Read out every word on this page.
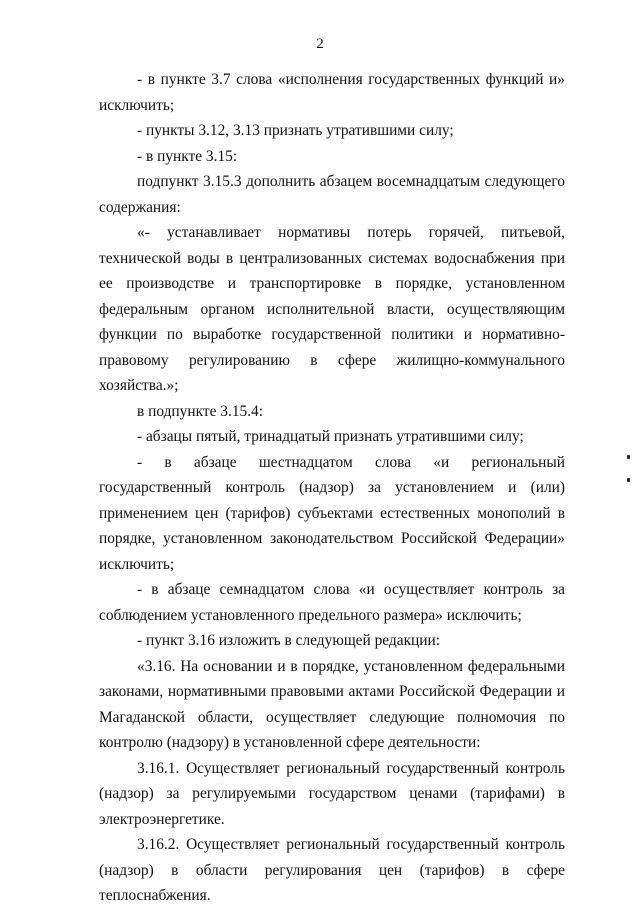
2

- в пункте 3.7 слова «исполнения государственных функций и» исключить;

- пункты 3.12, 3.13 признать утратившими силу;

- в пункте 3.15:

подпункт 3.15.3 дополнить абзацем восемнадцатым следующего содержания:

«- устанавливает нормативы потерь горячей, питьевой, технической воды в централизованных системах водоснабжения при ее производстве и транспортировке в порядке, установленном федеральным органом исполнительной власти, осуществляющим функции по выработке государственной политики и нормативно-правовому регулированию в сфере жилищно-коммунального хозяйства.»;

в подпункте 3.15.4:

- абзацы пятый, тринадцатый признать утратившими силу;

- в абзаце шестнадцатом слова «и региональный государственный контроль (надзор) за установлением и (или) применением цен (тарифов) субъектами естественных монополий в порядке, установленном законодательством Российской Федерации» исключить;

- в абзаце семнадцатом слова «и осуществляет контроль за соблюдением установленного предельного размера» исключить;

- пункт 3.16 изложить в следующей редакции:

«3.16. На основании и в порядке, установленном федеральными законами, нормативными правовыми актами Российской Федерации и Магаданской области, осуществляет следующие полномочия по контролю (надзору) в установленной сфере деятельности:

3.16.1. Осуществляет региональный государственный контроль (надзор) за регулируемыми государством ценами (тарифами) в электроэнергетике.

3.16.2. Осуществляет региональный государственный контроль (надзор) в области регулирования цен (тарифов) в сфере теплоснабжения.
